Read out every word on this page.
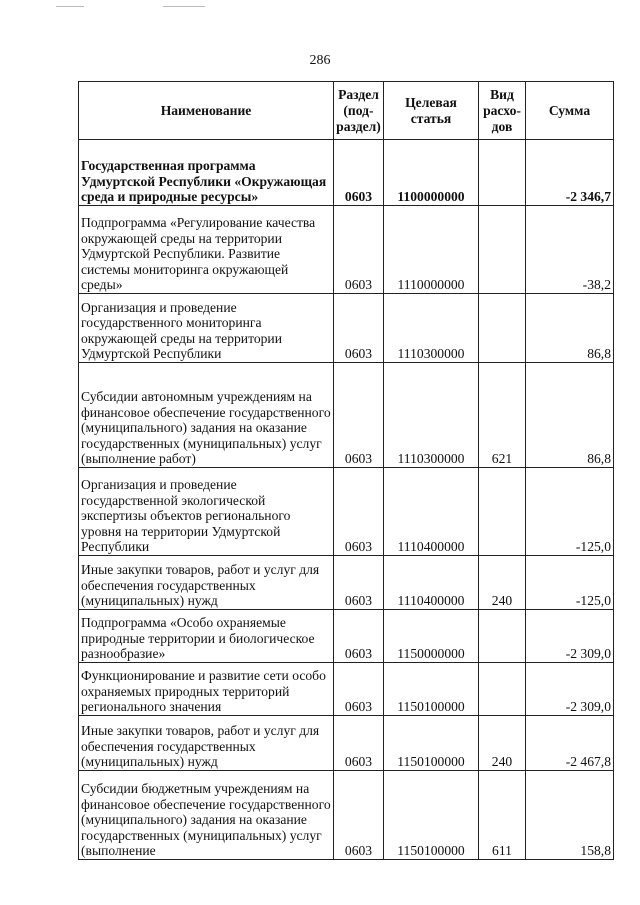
286
Наименование	Раздел (под-раздел)	Целевая статья	Вид расхо-дов	Сумма
Государственная программа Удмуртской Республики «Окружающая среда и природные ресурсы»	0603	1100000000		-2 346,7
Подпрограмма «Регулирование качества окружающей среды на территории Удмуртской Республики. Развитие системы мониторинга окружающей среды»	0603	1110000000		-38,2
Организация и проведение государственного мониторинга окружающей среды на территории Удмуртской Республики	0603	1110300000		86,8
Субсидии автономным учреждениям на финансовое обеспечение государственного (муниципального) задания на оказание государственных (муниципальных) услуг (выполнение работ)	0603	1110300000	621	86,8
Организация и проведение государственной экологической экспертизы объектов регионального уровня на территории Удмуртской Республики	0603	1110400000		-125,0
Иные закупки товаров, работ и услуг для обеспечения государственных (муниципальных) нужд	0603	1110400000	240	-125,0
Подпрограмма «Особо охраняемые природные территории и биологическое разнообразие»	0603	1150000000		-2 309,0
Функционирование и развитие сети особо охраняемых природных территорий регионального значения	0603	1150100000		-2 309,0
Иные закупки товаров, работ и услуг для обеспечения государственных (муниципальных) нужд	0603	1150100000	240	-2 467,8
Субсидии бюджетным учреждениям на финансовое обеспечение государственного (муниципального) задания на оказание государственных (муниципальных) услуг (выполнение	0603	1150100000	611	158,8
